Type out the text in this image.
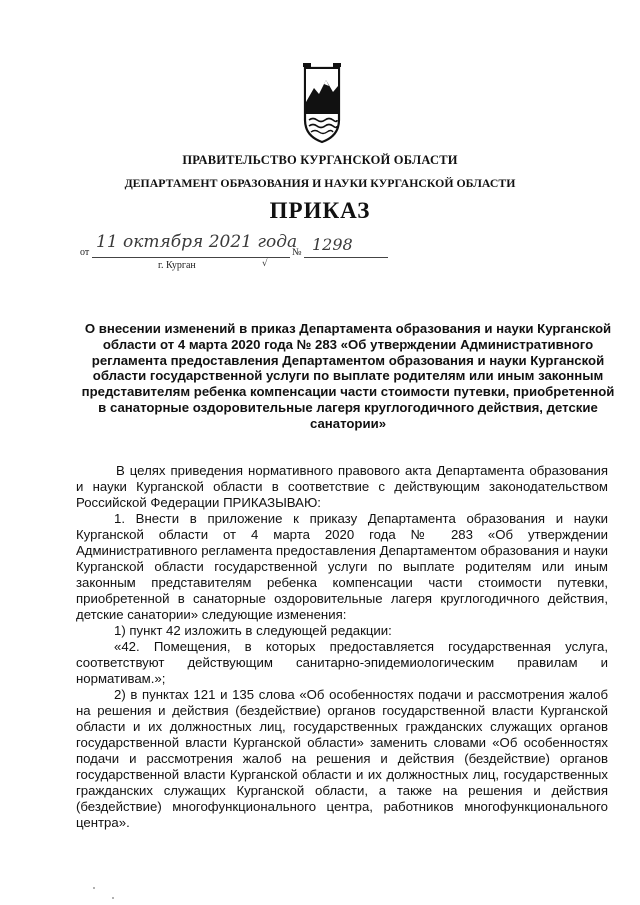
ПРАВИТЕЛЬСТВО КУРГАНСКОЙ ОБЛАСТИ
ДЕПАРТАМЕНТ ОБРАЗОВАНИЯ И НАУКИ КУРГАНСКОЙ ОБЛАСТИ
ПРИКАЗ
от
11 октября 2021 года
№ 1298
г. Курган	√
О внесении изменений в приказ Департамента образования и науки Курганской области от 4 марта 2020 года № 283 «Об утверждении Административного регламента предоставления Департаментом образования и науки Курганской области государственной услуги по выплате родителям или иным законным представителям ребенка компенсации части стоимости путевки, приобретенной в санаторные оздоровительные лагеря круглогодичного действия, детские санатории»

В целях приведения нормативного правового акта Департамента образования и науки Курганской области в соответствие с действующим законодательством Российской Федерации ПРИКАЗЫВАЮ:

1. Внести в приложение к приказу Департамента образования и науки Курганской области от 4 марта 2020 года № 283 «Об утверждении Административного регламента предоставления Департаментом образования и науки Курганской области государственной услуги по выплате родителям или иным законным представителям ребенка компенсации части стоимости путевки, приобретенной в санаторные оздоровительные лагеря круглогодичного действия, детские санатории» следующие изменения:

1) пункт 42 изложить в следующей редакции:

«42. Помещения, в которых предоставляется государственная услуга, соответствуют действующим санитарно-эпидемиологическим правилам и нормативам.»;

2) в пунктах 121 и 135 слова «Об особенностях подачи и рассмотрения жалоб на решения и действия (бездействие) органов государственной власти Курганской области и их должностных лиц, государственных гражданских служащих органов государственной власти Курганской области» заменить словами «Об особенностях подачи и рассмотрения жалоб на решения и действия (бездействие) органов государственной власти Курганской области и их должностных лиц, государственных гражданских служащих Курганской области, а также на решения и действия (бездействие) многофункционального центра, работников многофункционального центра».
